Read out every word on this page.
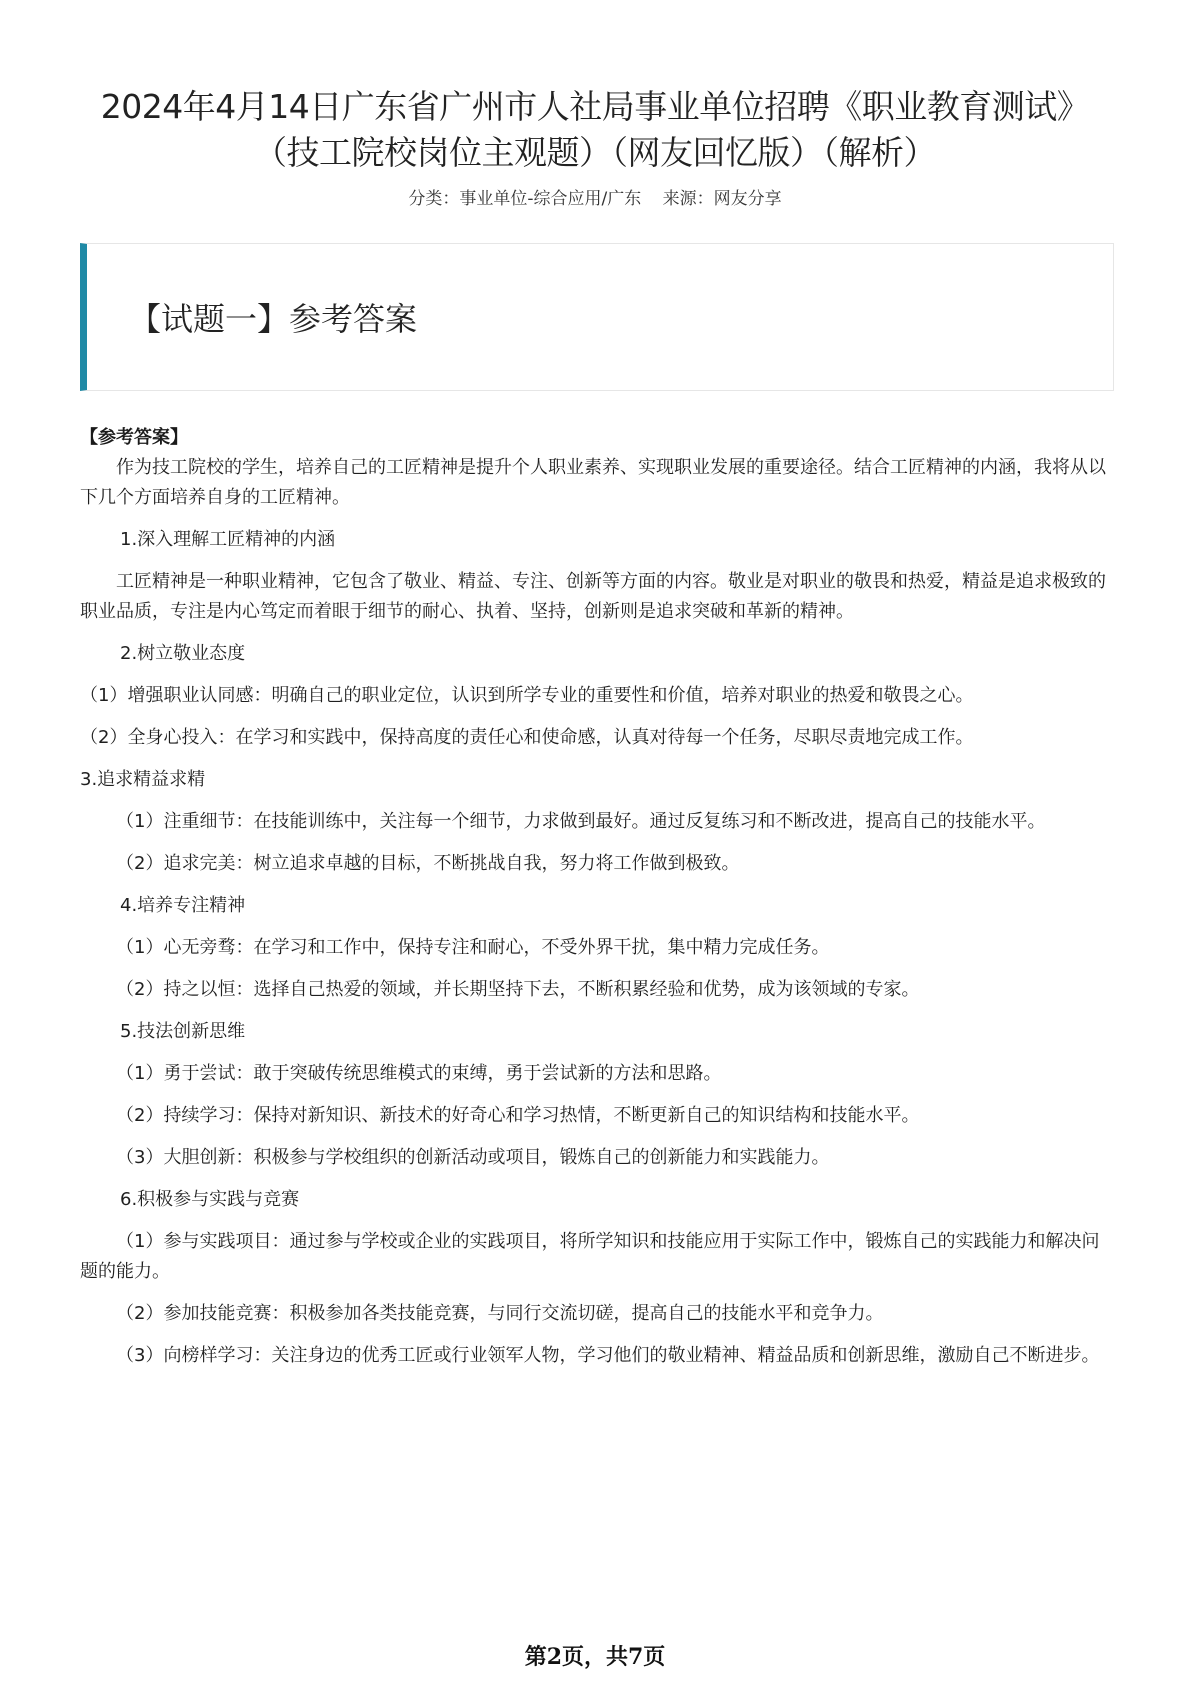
2024年4月14日广东省广州市人社局事业单位招聘《职业教育测试》（技工院校岗位主观题）（网友回忆版）（解析）
分类：事业单位-综合应用/广东 来源：网友分享
【试题一】参考答案

【参考答案】

作为技工院校的学生，培养自己的工匠精神是提升个人职业素养、实现职业发展的重要途径。结合工匠精神的内涵，我将从以下几个方面培养自身的工匠精神。

1.深入理解工匠精神的内涵

工匠精神是一种职业精神，它包含了敬业、精益、专注、创新等方面的内容。敬业是对职业的敬畏和热爱，精益是追求极致的职业品质，专注是内心笃定而着眼于细节的耐心、执着、坚持，创新则是追求突破和革新的精神。

2.树立敬业态度

（1）增强职业认同感：明确自己的职业定位，认识到所学专业的重要性和价值，培养对职业的热爱和敬畏之心。

（2）全身心投入：在学习和实践中，保持高度的责任心和使命感，认真对待每一个任务，尽职尽责地完成工作。

3.追求精益求精

（1）注重细节：在技能训练中，关注每一个细节，力求做到最好。通过反复练习和不断改进，提高自己的技能水平。

（2）追求完美：树立追求卓越的目标，不断挑战自我，努力将工作做到极致。

4.培养专注精神

（1）心无旁骛：在学习和工作中，保持专注和耐心，不受外界干扰，集中精力完成任务。

（2）持之以恒：选择自己热爱的领域，并长期坚持下去，不断积累经验和优势，成为该领域的专家。

5.技法创新思维

（1）勇于尝试：敢于突破传统思维模式的束缚，勇于尝试新的方法和思路。

（2）持续学习：保持对新知识、新技术的好奇心和学习热情，不断更新自己的知识结构和技能水平。

（3）大胆创新：积极参与学校组织的创新活动或项目，锻炼自己的创新能力和实践能力。

6.积极参与实践与竞赛

（1）参与实践项目：通过参与学校或企业的实践项目，将所学知识和技能应用于实际工作中，锻炼自己的实践能力和解决问题的能力。

（2）参加技能竞赛：积极参加各类技能竞赛，与同行交流切磋，提高自己的技能水平和竞争力。

（3）向榜样学习：关注身边的优秀工匠或行业领军人物，学习他们的敬业精神、精益品质和创新思维，激励自己不断进步。

第2页，共7页
